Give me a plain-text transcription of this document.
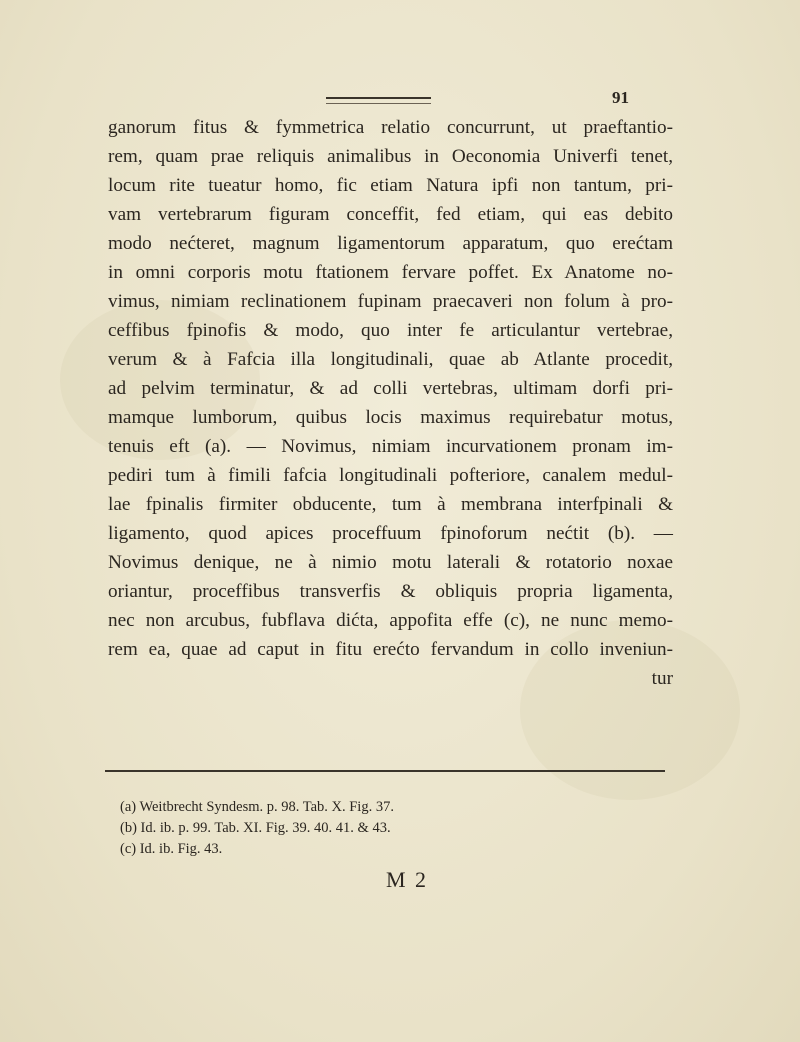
91
ganorum fitus & fymmetrica relatio concurrunt, ut praeftantio-
rem, quam prae reliquis animalibus in Oeconomia Univerfi tenet,
locum rite tueatur homo, fic etiam Natura ipfi non tantum, pri-
vam vertebrarum figuram conceffit, fed etiam, qui eas debito
modo nećteret, magnum ligamentorum apparatum, quo erećtam
in omni corporis motu ftationem fervare poffet. Ex Anatome no-
vimus, nimiam reclinationem fupinam praecaveri non folum à pro-
ceffibus fpinofis & modo, quo inter fe articulantur vertebrae,
verum & à Fafcia illa longitudinali, quae ab Atlante procedit,
ad pelvim terminatur, & ad colli vertebras, ultimam dorfi pri-
mamque lumborum, quibus locis maximus requirebatur motus,
tenuis eft (a). — Novimus, nimiam incurvationem pronam im-
pediri tum à fimili fafcia longitudinali pofteriore, canalem medul-
lae fpinalis firmiter obducente, tum à membrana interfpinali &
ligamento, quod apices proceffuum fpinoforum nećtit (b). —
Novimus denique, ne à nimio motu laterali & rotatorio noxae
oriantur, proceffibus transverfis & obliquis propria ligamenta,
nec non arcubus, fubflava dićta, appofita effe (c), ne nunc memo-
rem ea, quae ad caput in fitu erećto fervandum in collo inveniun-
tur
(a) Weitbrecht Syndesm. p. 98. Tab. X. Fig. 37.
(b) Id. ib. p. 99. Tab. XI. Fig. 39. 40. 41. & 43.
(c) Id. ib. Fig. 43.
M 2
